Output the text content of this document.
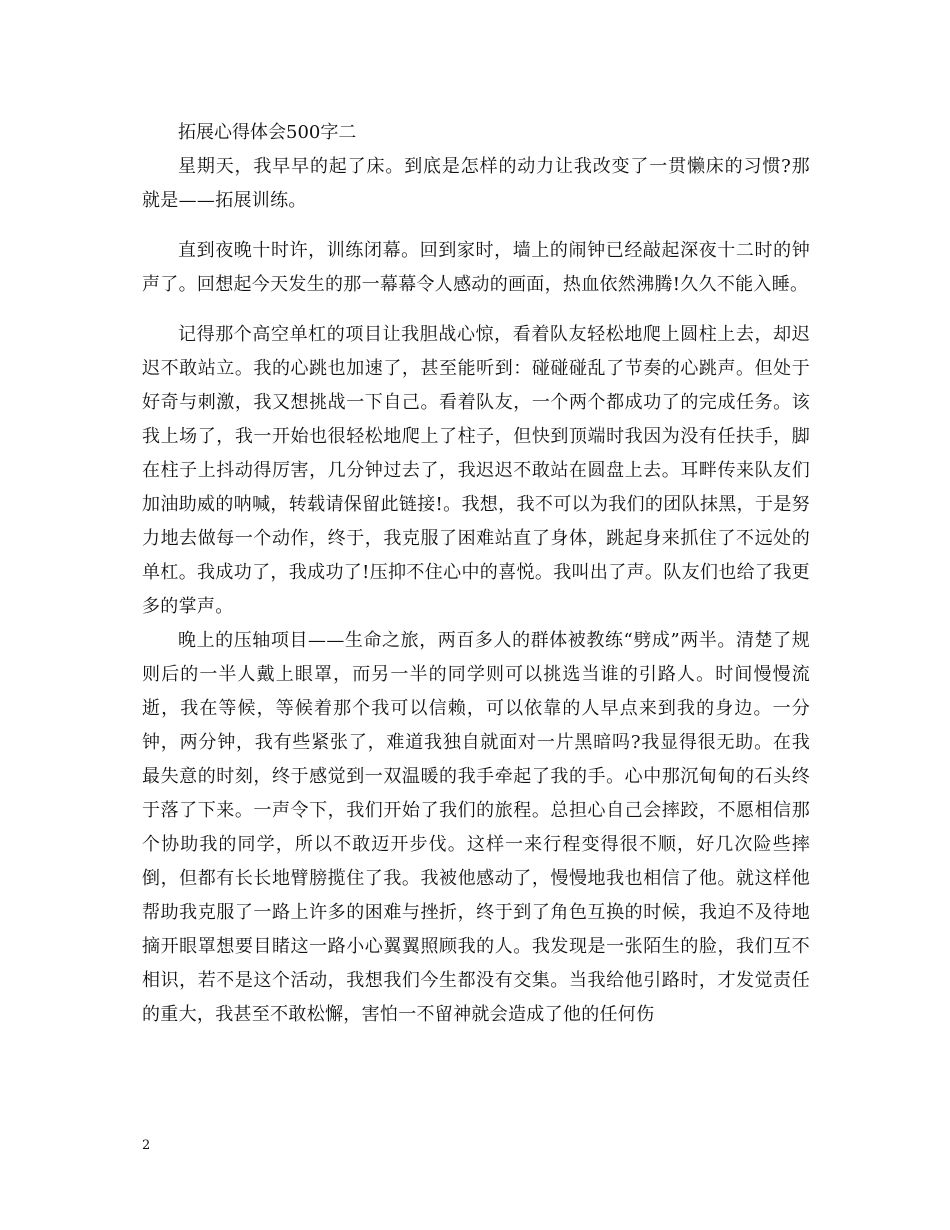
拓展心得体会500字二

星期天，我早早的起了床。到底是怎样的动力让我改变了一贯懒床的习惯?那就是——拓展训练。

直到夜晚十时许，训练闭幕。回到家时，墙上的闹钟已经敲起深夜十二时的钟声了。回想起今天发生的那一幕幕令人感动的画面，热血依然沸腾!久久不能入睡。

记得那个高空单杠的项目让我胆战心惊，看着队友轻松地爬上圆柱上去，却迟迟不敢站立。我的心跳也加速了，甚至能听到：碰碰碰乱了节奏的心跳声。但处于好奇与刺激，我又想挑战一下自己。看着队友，一个两个都成功了的完成任务。该我上场了，我一开始也很轻松地爬上了柱子，但快到顶端时我因为没有任扶手，脚在柱子上抖动得厉害，几分钟过去了，我迟迟不敢站在圆盘上去。耳畔传来队友们加油助威的呐喊，转载请保留此链接!。我想，我不可以为我们的团队抹黑，于是努力地去做每一个动作，终于，我克服了困难站直了身体，跳起身来抓住了不远处的单杠。我成功了，我成功了!压抑不住心中的喜悦。我叫出了声。队友们也给了我更多的掌声。

晚上的压轴项目——生命之旅，两百多人的群体被教练“劈成”两半。清楚了规则后的一半人戴上眼罩，而另一半的同学则可以挑选当谁的引路人。时间慢慢流逝，我在等候，等候着那个我可以信赖，可以依靠的人早点来到我的身边。一分钟，两分钟，我有些紧张了，难道我独自就面对一片黑暗吗?我显得很无助。在我最失意的时刻，终于感觉到一双温暖的我手牵起了我的手。心中那沉甸甸的石头终于落了下来。一声令下，我们开始了我们的旅程。总担心自己会摔跤，不愿相信那个协助我的同学，所以不敢迈开步伐。这样一来行程变得很不顺，好几次险些摔倒，但都有长长地臂膀揽住了我。我被他感动了，慢慢地我也相信了他。就这样他帮助我克服了一路上许多的困难与挫折，终于到了角色互换的时候，我迫不及待地摘开眼罩想要目睹这一路小心翼翼照顾我的人。我发现是一张陌生的脸，我们互不相识，若不是这个活动，我想我们今生都没有交集。当我给他引路时，才发觉责任的重大，我甚至不敢松懈，害怕一不留神就会造成了他的任何伤

2
